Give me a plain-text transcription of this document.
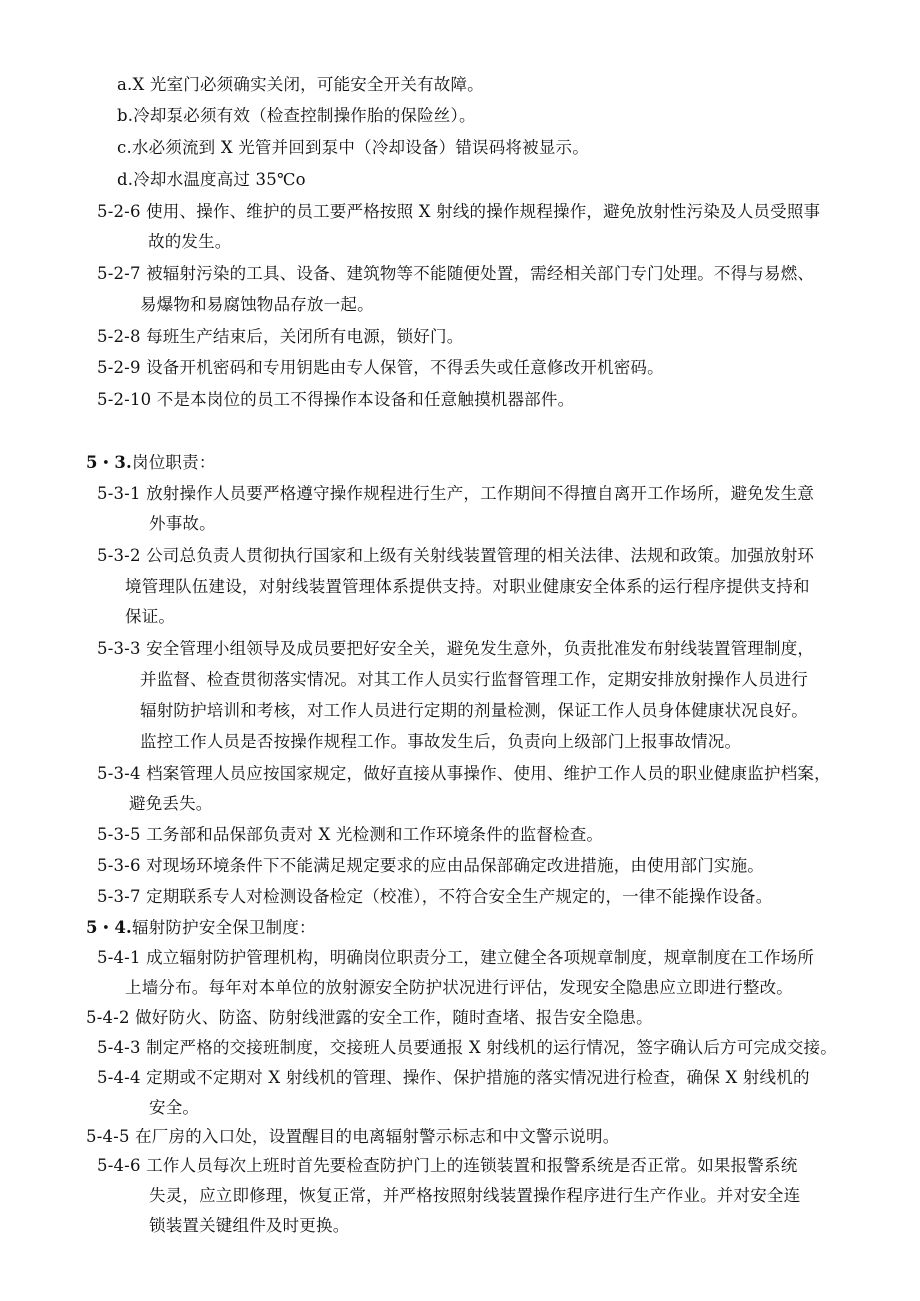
a.X 光室门必须确实关闭，可能安全开关有故障。
b.冷却泵必须有效（检查控制操作胎的保险丝）。
c.水必须流到 X 光管并回到泵中（冷却设备）错误码将被显示。
d.冷却水温度高过 35℃o
5-2-6 使用、操作、维护的员工要严格按照 X 射线的操作规程操作，避免放射性污染及人员受照事
故的发生。
5-2-7 被辐射污染的工具、设备、建筑物等不能随便处置，需经相关部门专门处理。不得与易燃、
易爆物和易腐蚀物品存放一起。
5-2-8 每班生产结束后，关闭所有电源，锁好门。
5-2-9 设备开机密码和专用钥匙由专人保管，不得丢失或任意修改开机密码。
5-2-10 不是本岗位的员工不得操作本设备和任意触摸机器部件。
5・3.岗位职责：
5-3-1 放射操作人员要严格遵守操作规程进行生产，工作期间不得擅自离开工作场所，避免发生意
外事故。
5-3-2 公司总负责人贯彻执行国家和上级有关射线装置管理的相关法律、法规和政策。加强放射环
境管理队伍建设，对射线装置管理体系提供支持。对职业健康安全体系的运行程序提供支持和
保证。
5-3-3 安全管理小组领导及成员要把好安全关，避免发生意外，负责批准发布射线装置管理制度，
并监督、检查贯彻落实情况。对其工作人员实行监督管理工作，定期安排放射操作人员进行
辐射防护培训和考核，对工作人员进行定期的剂量检测，保证工作人员身体健康状况良好。
监控工作人员是否按操作规程工作。事故发生后，负责向上级部门上报事故情况。
5-3-4 档案管理人员应按国家规定，做好直接从事操作、使用、维护工作人员的职业健康监护档案，
避免丢失。
5-3-5 工务部和品保部负责对 X 光检测和工作环境条件的监督检查。
5-3-6 对现场环境条件下不能满足规定要求的应由品保部确定改进措施，由使用部门实施。
5-3-7 定期联系专人对检测设备检定（校准），不符合安全生产规定的，一律不能操作设备。
5・4.辐射防护安全保卫制度：
5-4-1 成立辐射防护管理机构，明确岗位职责分工，建立健全各项规章制度，规章制度在工作场所
上墙分布。每年对本单位的放射源安全防护状况进行评估，发现安全隐患应立即进行整改。
5-4-2 做好防火、防盗、防射线泄露的安全工作，随时查堵、报告安全隐患。
5-4-3 制定严格的交接班制度，交接班人员要通报 X 射线机的运行情况，签字确认后方可完成交接。
5-4-4 定期或不定期对 X 射线机的管理、操作、保护措施的落实情况进行检查，确保 X 射线机的
安全。
5-4-5 在厂房的入口处，设置醒目的电离辐射警示标志和中文警示说明。
5-4-6 工作人员每次上班时首先要检查防护门上的连锁装置和报警系统是否正常。如果报警系统
失灵，应立即修理，恢复正常，并严格按照射线装置操作程序进行生产作业。并对安全连
锁装置关键组件及时更换。
